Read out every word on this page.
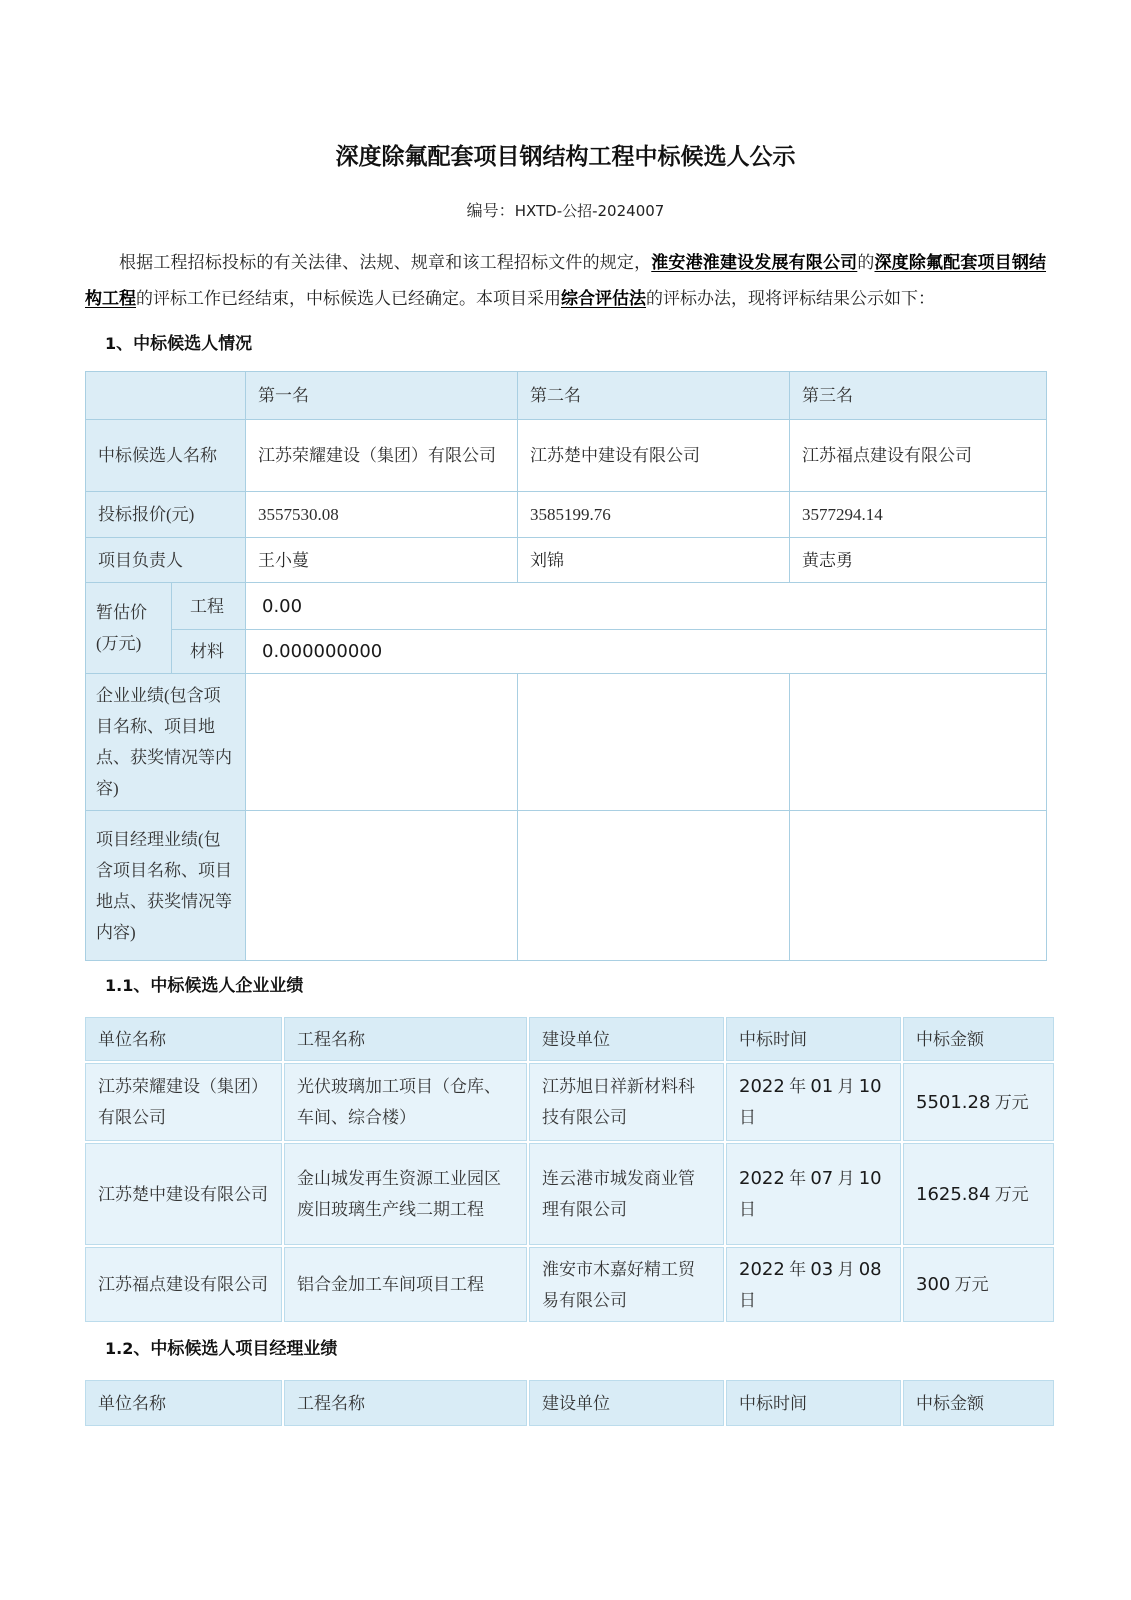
深度除氟配套项目钢结构工程中标候选人公示
编号：HXTD-公招-2024007
根据工程招标投标的有关法律、法规、规章和该工程招标文件的规定，淮安港淮建设发展有限公司的深度除氟配套项目钢结构工程的评标工作已经结束，中标候选人已经确定。本项目采用综合评估法的评标办法，现将评标结果公示如下：
1、中标候选人情况
		第一名	第二名	第三名
中标候选人名称		江苏荣耀建设（集团）有限公司	江苏楚中建设有限公司	江苏福点建设有限公司
投标报价(元)		3557530.08	3585199.76	3577294.14
项目负责人		王小蔓	刘锦	黄志勇

暂估价
(万元)	工程	0.00		
	材料	0.000000000		
企业业绩(包含项目名称、项目地点、获奖情况等内容)				
项目经理业绩(包含项目名称、项目地点、获奖情况等内容)				
1.1、中标候选人企业业绩
单位名称	工程名称	建设单位	中标时间	中标金额
江苏荣耀建设（集团）有限公司	光伏玻璃加工项目（仓库、车间、综合楼）	江苏旭日祥新材料科技有限公司	2022 年 01 月 10 日	5501.28 万元
江苏楚中建设有限公司	金山城发再生资源工业园区废旧玻璃生产线二期工程	连云港市城发商业管理有限公司	2022 年 07 月 10 日	1625.84 万元
江苏福点建设有限公司	铝合金加工车间项目工程	淮安市木嘉好精工贸易有限公司	2022 年 03 月 08 日	300 万元
1.2、中标候选人项目经理业绩
单位名称	工程名称	建设单位	中标时间	中标金额
